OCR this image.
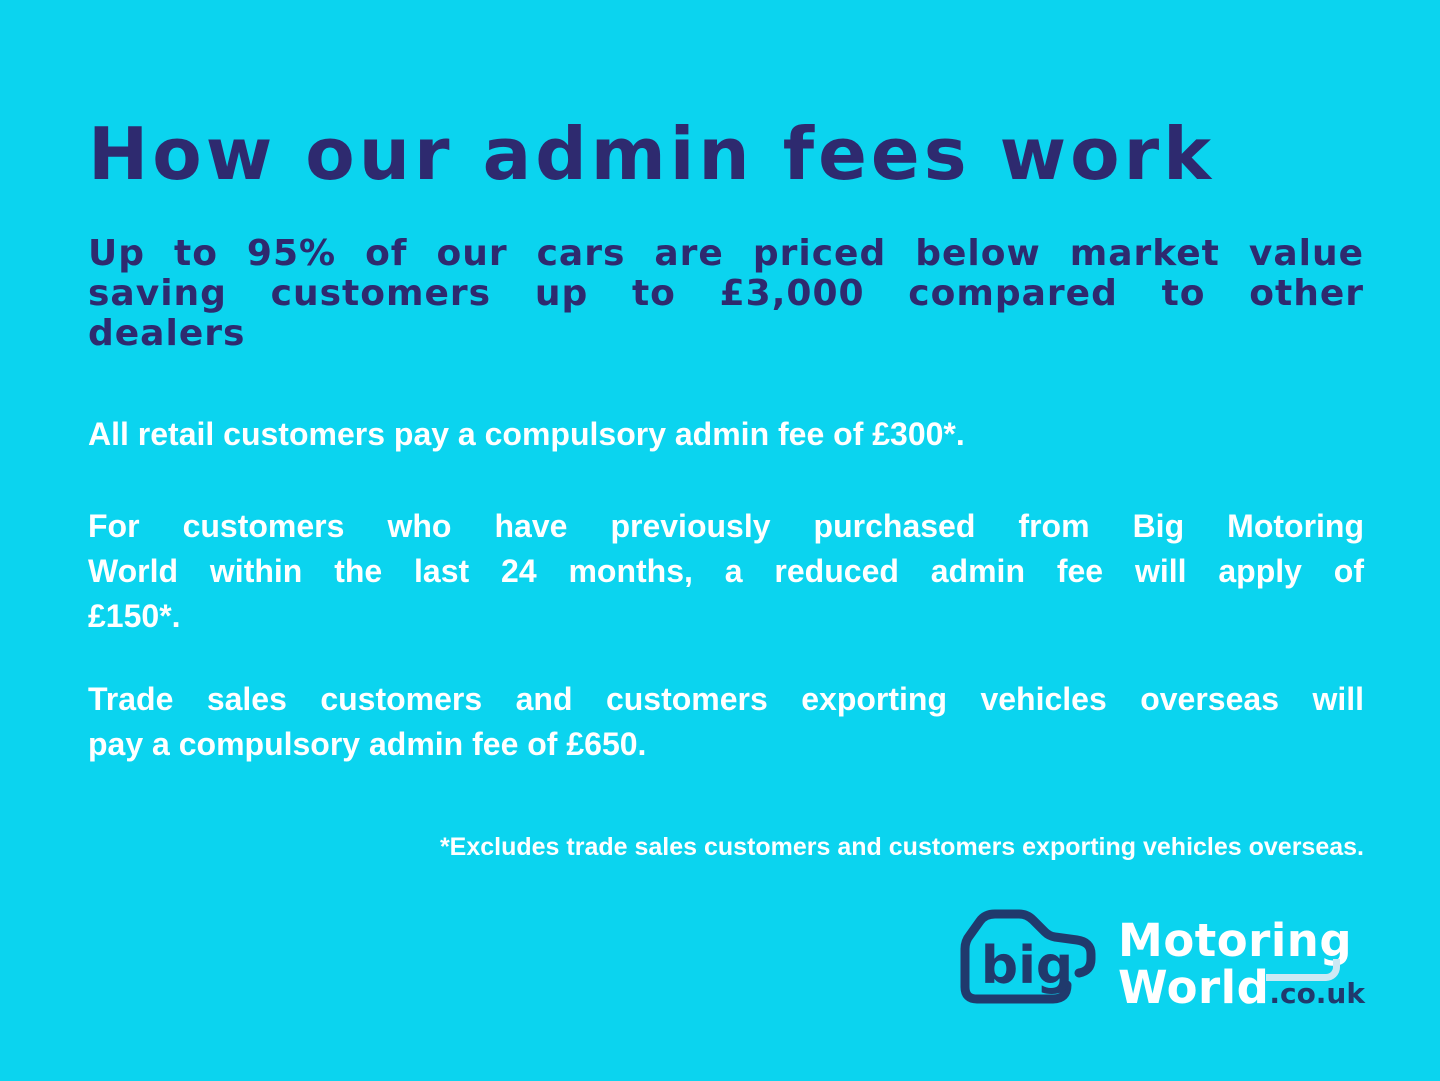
How our admin fees work
Up to 95% of our cars are priced below market value
saving customers up to £3,000 compared to other
dealers
All retail customers pay a compulsory admin fee of £300*.
For customers who have previously purchased from Big Motoring
World within the last 24 months, a reduced admin fee will apply of
£150*.
Trade sales customers and customers exporting vehicles overseas will
pay a compulsory admin fee of £650.
*Excludes trade sales customers and customers exporting vehicles overseas.
big Motoring
World.co.uk
